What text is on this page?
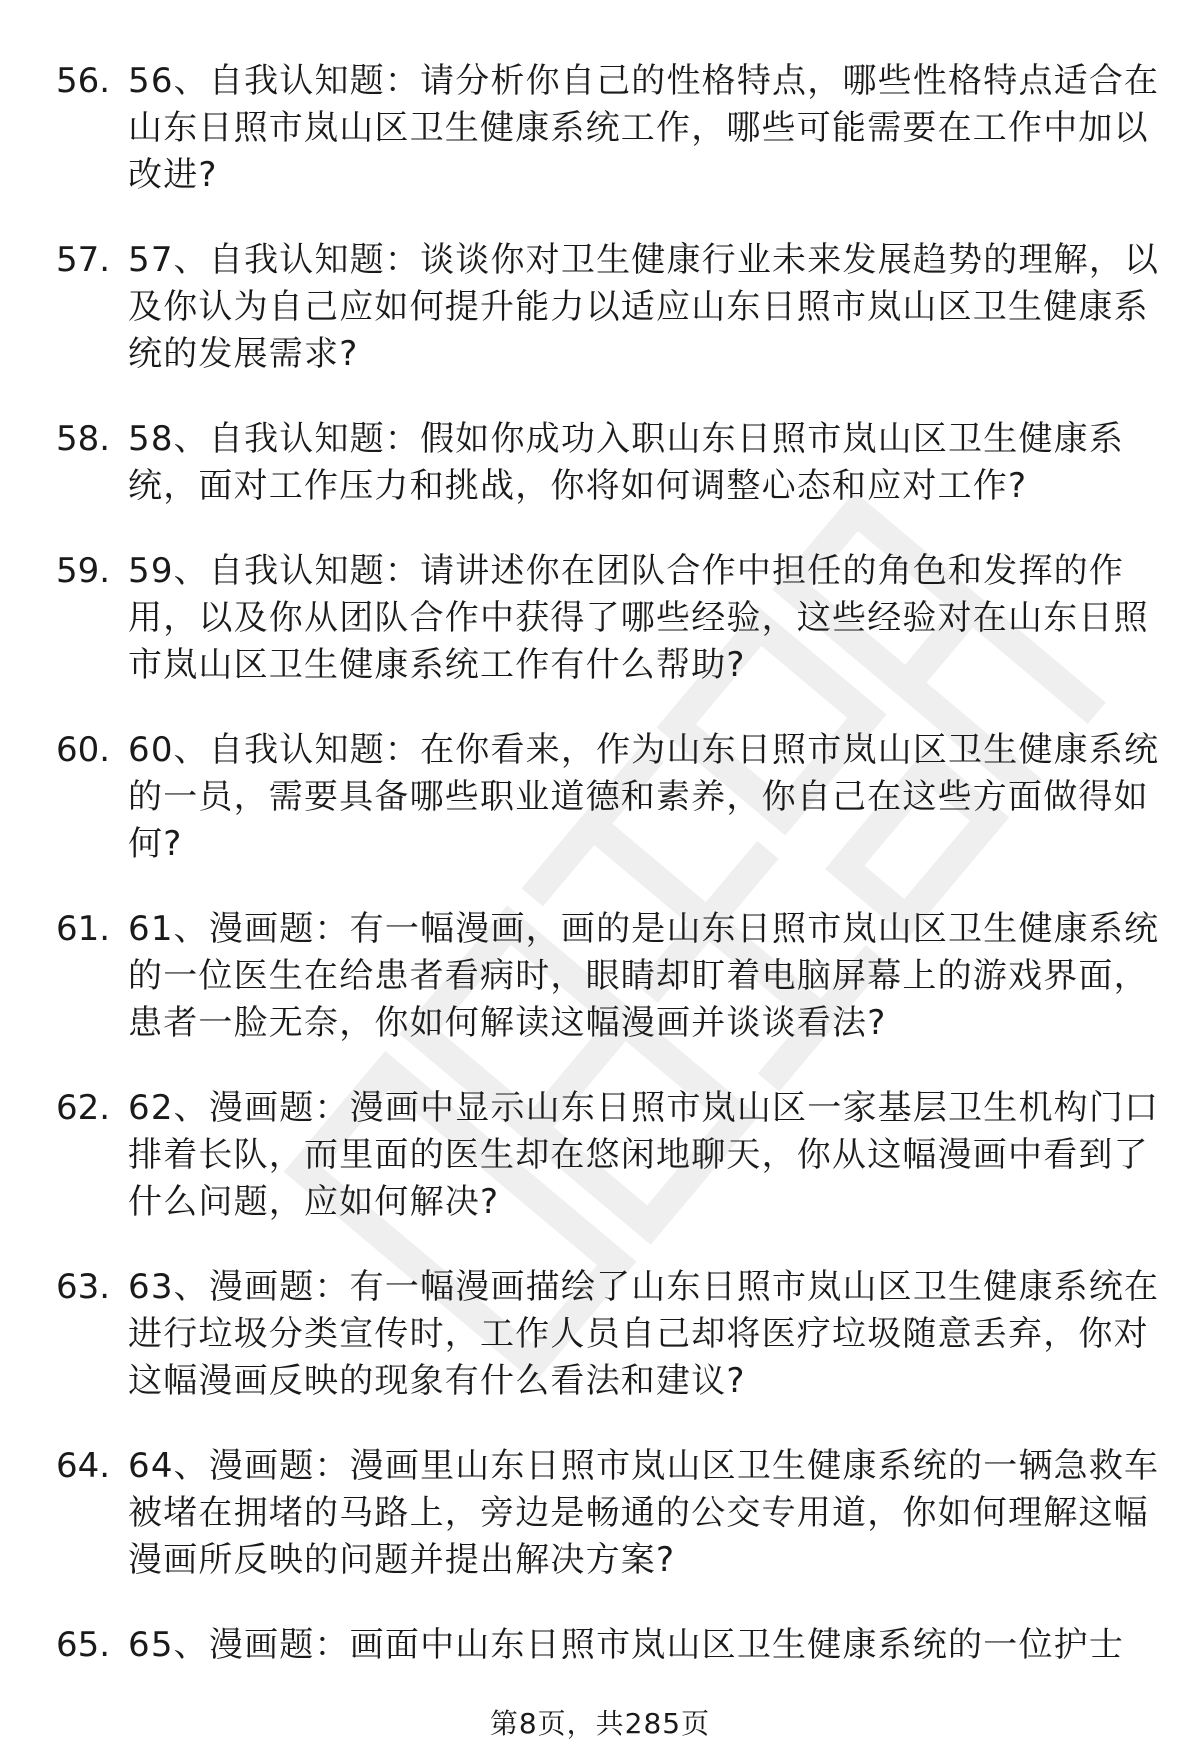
56. 56、自我认知题：请分析你自己的性格特点，哪些性格特点适合在山东日照市岚山区卫生健康系统工作，哪些可能需要在工作中加以改进?
57. 57、自我认知题：谈谈你对卫生健康行业未来发展趋势的理解，以及你认为自己应如何提升能力以适应山东日照市岚山区卫生健康系统的发展需求?
58. 58、自我认知题：假如你成功入职山东日照市岚山区卫生健康系统，面对工作压力和挑战，你将如何调整心态和应对工作?
59. 59、自我认知题：请讲述你在团队合作中担任的角色和发挥的作用，以及你从团队合作中获得了哪些经验，这些经验对在山东日照市岚山区卫生健康系统工作有什么帮助?
60. 60、自我认知题：在你看来，作为山东日照市岚山区卫生健康系统的一员，需要具备哪些职业道德和素养，你自己在这些方面做得如何?
61. 61、漫画题：有一幅漫画，画的是山东日照市岚山区卫生健康系统的一位医生在给患者看病时，眼睛却盯着电脑屏幕上的游戏界面，患者一脸无奈，你如何解读这幅漫画并谈谈看法?
62. 62、漫画题：漫画中显示山东日照市岚山区一家基层卫生机构门口排着长队，而里面的医生却在悠闲地聊天，你从这幅漫画中看到了什么问题，应如何解决?
63. 63、漫画题：有一幅漫画描绘了山东日照市岚山区卫生健康系统在进行垃圾分类宣传时，工作人员自己却将医疗垃圾随意丢弃，你对这幅漫画反映的现象有什么看法和建议?
64. 64、漫画题：漫画里山东日照市岚山区卫生健康系统的一辆急救车被堵在拥堵的马路上，旁边是畅通的公交专用道，你如何理解这幅漫画所反映的问题并提出解决方案?
65. 65、漫画题：画面中山东日照市岚山区卫生健康系统的一位护士
第8页，共285页
